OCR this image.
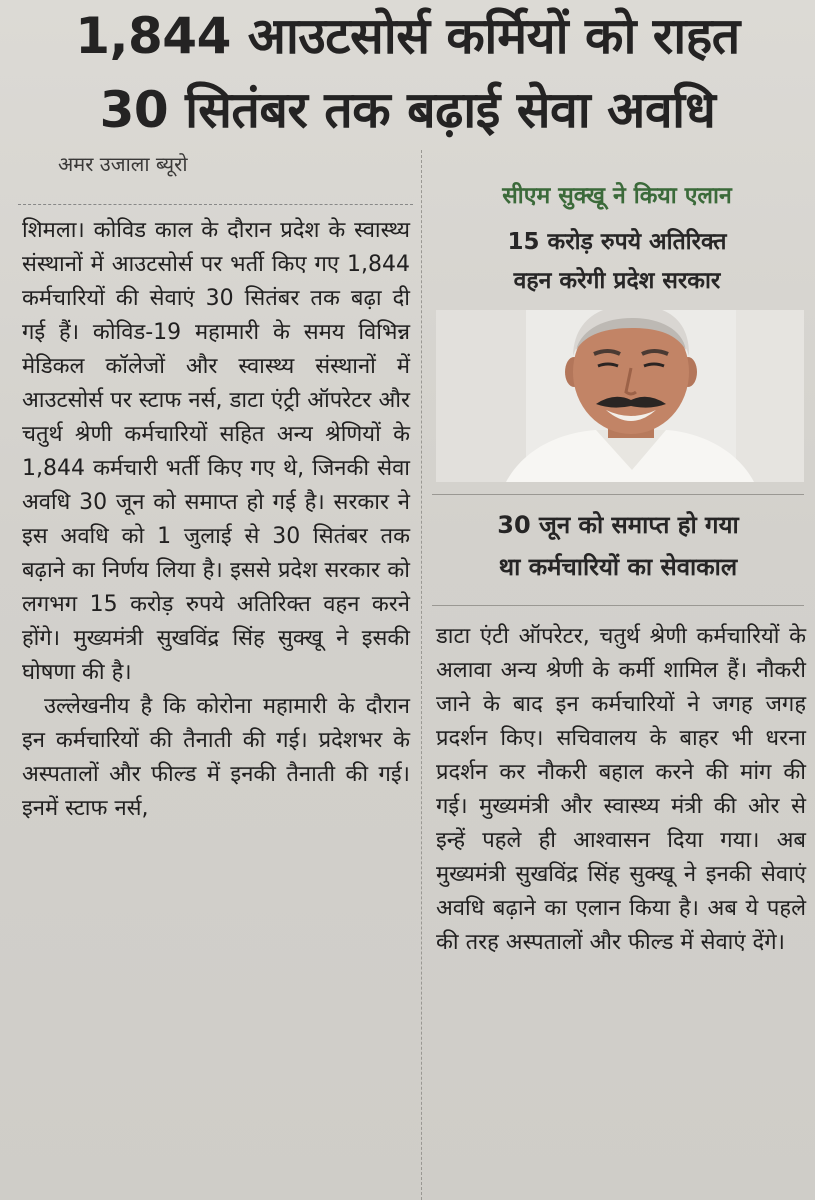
1,844 आउटसोर्स कर्मियों को राहत
30 सितंबर तक बढ़ाई सेवा अवधि
अमर उजाला ब्यूरो

शिमला। कोविड काल के दौरान प्रदेश के स्वास्थ्य संस्थानों में आउटसोर्स पर भर्ती किए गए 1,844 कर्मचारियों की सेवाएं 30 सितंबर तक बढ़ा दी गई हैं। कोविड-19 महामारी के समय विभिन्न मेडिकल कॉलेजों और स्वास्थ्य संस्थानों में आउटसोर्स पर स्टाफ नर्स, डाटा एंट्री ऑपरेटर और चतुर्थ श्रेणी कर्मचारियों सहित अन्य श्रेणियों के 1,844 कर्मचारी भर्ती किए गए थे, जिनकी सेवा अवधि 30 जून को समाप्त हो गई है। सरकार ने इस अवधि को 1 जुलाई से 30 सितंबर तक बढ़ाने का निर्णय लिया है। इससे प्रदेश सरकार को लगभग 15 करोड़ रुपये अतिरिक्त वहन करने होंगे। मुख्यमंत्री सुखविंद्र सिंह सुक्खू ने इसकी घोषणा की है।

उल्लेखनीय है कि कोरोना महामारी के दौरान इन कर्मचारियों की तैनाती की गई। प्रदेशभर के अस्पतालों और फील्ड में इनकी तैनाती की गई। इनमें स्टाफ नर्स,

सीएम सुक्खू ने किया एलान
15 करोड़ रुपये अतिरिक्त
वहन करेगी प्रदेश सरकार
30 जून को समाप्त हो गया
था कर्मचारियों का सेवाकाल

डाटा एंटी ऑपरेटर, चतुर्थ श्रेणी कर्मचारियों के अलावा अन्य श्रेणी के कर्मी शामिल हैं। नौकरी जाने के बाद इन कर्मचारियों ने जगह जगह प्रदर्शन किए। सचिवालय के बाहर भी धरना प्रदर्शन कर नौकरी बहाल करने की मांग की गई। मुख्यमंत्री और स्वास्थ्य मंत्री की ओर से इन्हें पहले ही आश्वासन दिया गया। अब मुख्यमंत्री सुखविंद्र सिंह सुक्खू ने इनकी सेवाएं अवधि बढ़ाने का एलान किया है। अब ये पहले की तरह अस्पतालों और फील्ड में सेवाएं देंगे।
